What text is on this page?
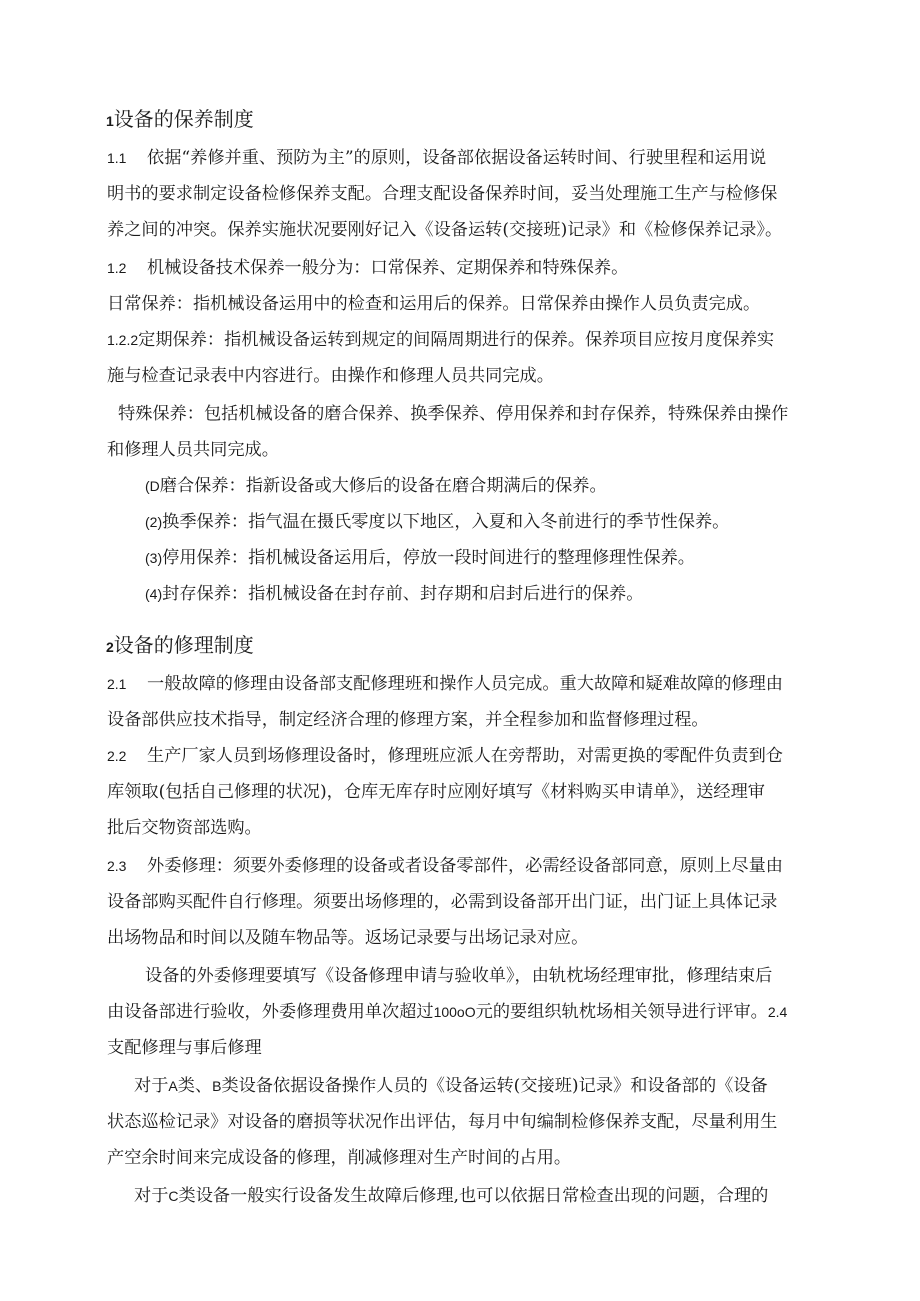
1设备的保养制度
1.1 依据“养修并重、预防为主”的原则，设备部依据设备运转时间、行驶里程和运用说
明书的要求制定设备检修保养支配。合理支配设备保养时间，妥当处理施工生产与检修保
养之间的冲突。保养实施状况要刚好记入《设备运转(交接班)记录》和《检修保养记录》。
1.2 机械设备技术保养一般分为：口常保养、定期保养和特殊保养。
日常保养：指机械设备运用中的检查和运用后的保养。日常保养由操作人员负责完成。
1.2.2定期保养：指机械设备运转到规定的间隔周期进行的保养。保养项目应按月度保养实
施与检查记录表中内容进行。由操作和修理人员共同完成。
特殊保养：包括机械设备的磨合保养、换季保养、停用保养和封存保养，特殊保养由操作
和修理人员共同完成。
(D磨合保养：指新设备或大修后的设备在磨合期满后的保养。
(2)换季保养：指气温在摄氏零度以下地区，入夏和入冬前进行的季节性保养。
(3)停用保养：指机械设备运用后，停放一段时间进行的整理修理性保养。
(4)封存保养：指机械设备在封存前、封存期和启封后进行的保养。
2设备的修理制度
2.1 一般故障的修理由设备部支配修理班和操作人员完成。重大故障和疑难故障的修理由
设备部供应技术指导，制定经济合理的修理方案，并全程参加和监督修理过程。
2.2 生产厂家人员到场修理设备时，修理班应派人在旁帮助，对需更换的零配件负责到仓
库领取(包括自己修理的状况)，仓库无库存时应刚好填写《材料购买申请单》，送经理审
批后交物资部选购。
2.3 外委修理：须要外委修理的设备或者设备零部件，必需经设备部同意，原则上尽量由
设备部购买配件自行修理。须要出场修理的，必需到设备部开出门证，出门证上具体记录
出场物品和时间以及随车物品等。返场记录要与出场记录对应。
设备的外委修理要填写《设备修理申请与验收单》，由轨枕场经理审批，修理结束后
由设备部进行验收，外委修理费用单次超过100oO元的要组织轨枕场相关领导进行评审。2.4
支配修理与事后修理
对于A类、B类设备依据设备操作人员的《设备运转(交接班)记录》和设备部的《设备
状态巡检记录》对设备的磨损等状况作出评估，每月中旬编制检修保养支配，尽量利用生
产空余时间来完成设备的修理，削减修理对生产时间的占用。
对于C类设备一般实行设备发生故障后修理,也可以依据日常检查出现的问题，合理的
